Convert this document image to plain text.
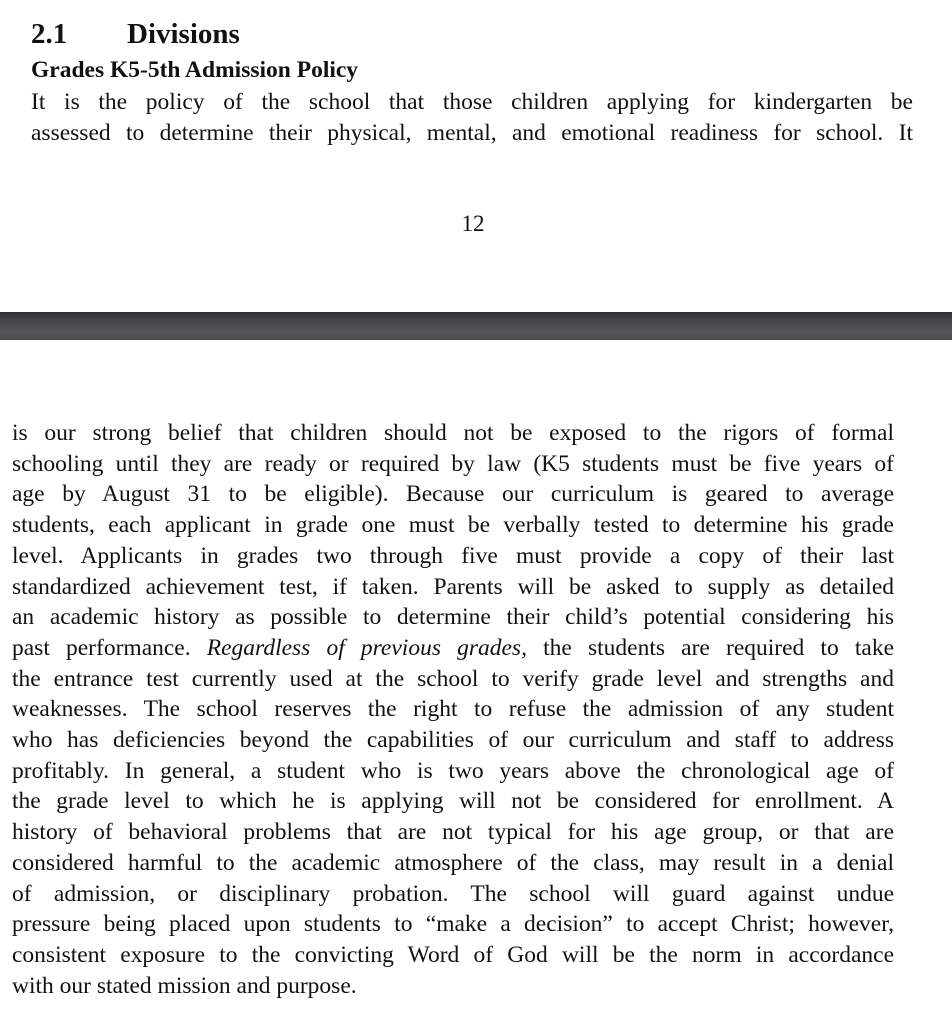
2.1 Divisions
Grades K5-5th Admission Policy
It is the policy of the school that those children applying for kindergarten be
assessed to determine their physical, mental, and emotional readiness for school. It
12
is our strong belief that children should not be exposed to the rigors of formal
schooling until they are ready or required by law (K5 students must be five years of
age by August 31 to be eligible). Because our curriculum is geared to average
students, each applicant in grade one must be verbally tested to determine his grade
level. Applicants in grades two through five must provide a copy of their last
standardized achievement test, if taken. Parents will be asked to supply as detailed
an academic history as possible to determine their child’s potential considering his
past performance. Regardless of previous grades, the students are required to take
the entrance test currently used at the school to verify grade level and strengths and
weaknesses. The school reserves the right to refuse the admission of any student
who has deficiencies beyond the capabilities of our curriculum and staff to address
profitably. In general, a student who is two years above the chronological age of
the grade level to which he is applying will not be considered for enrollment. A
history of behavioral problems that are not typical for his age group, or that are
considered harmful to the academic atmosphere of the class, may result in a denial
of admission, or disciplinary probation. The school will guard against undue
pressure being placed upon students to “make a decision” to accept Christ; however,
consistent exposure to the convicting Word of God will be the norm in accordance
with our stated mission and purpose.
